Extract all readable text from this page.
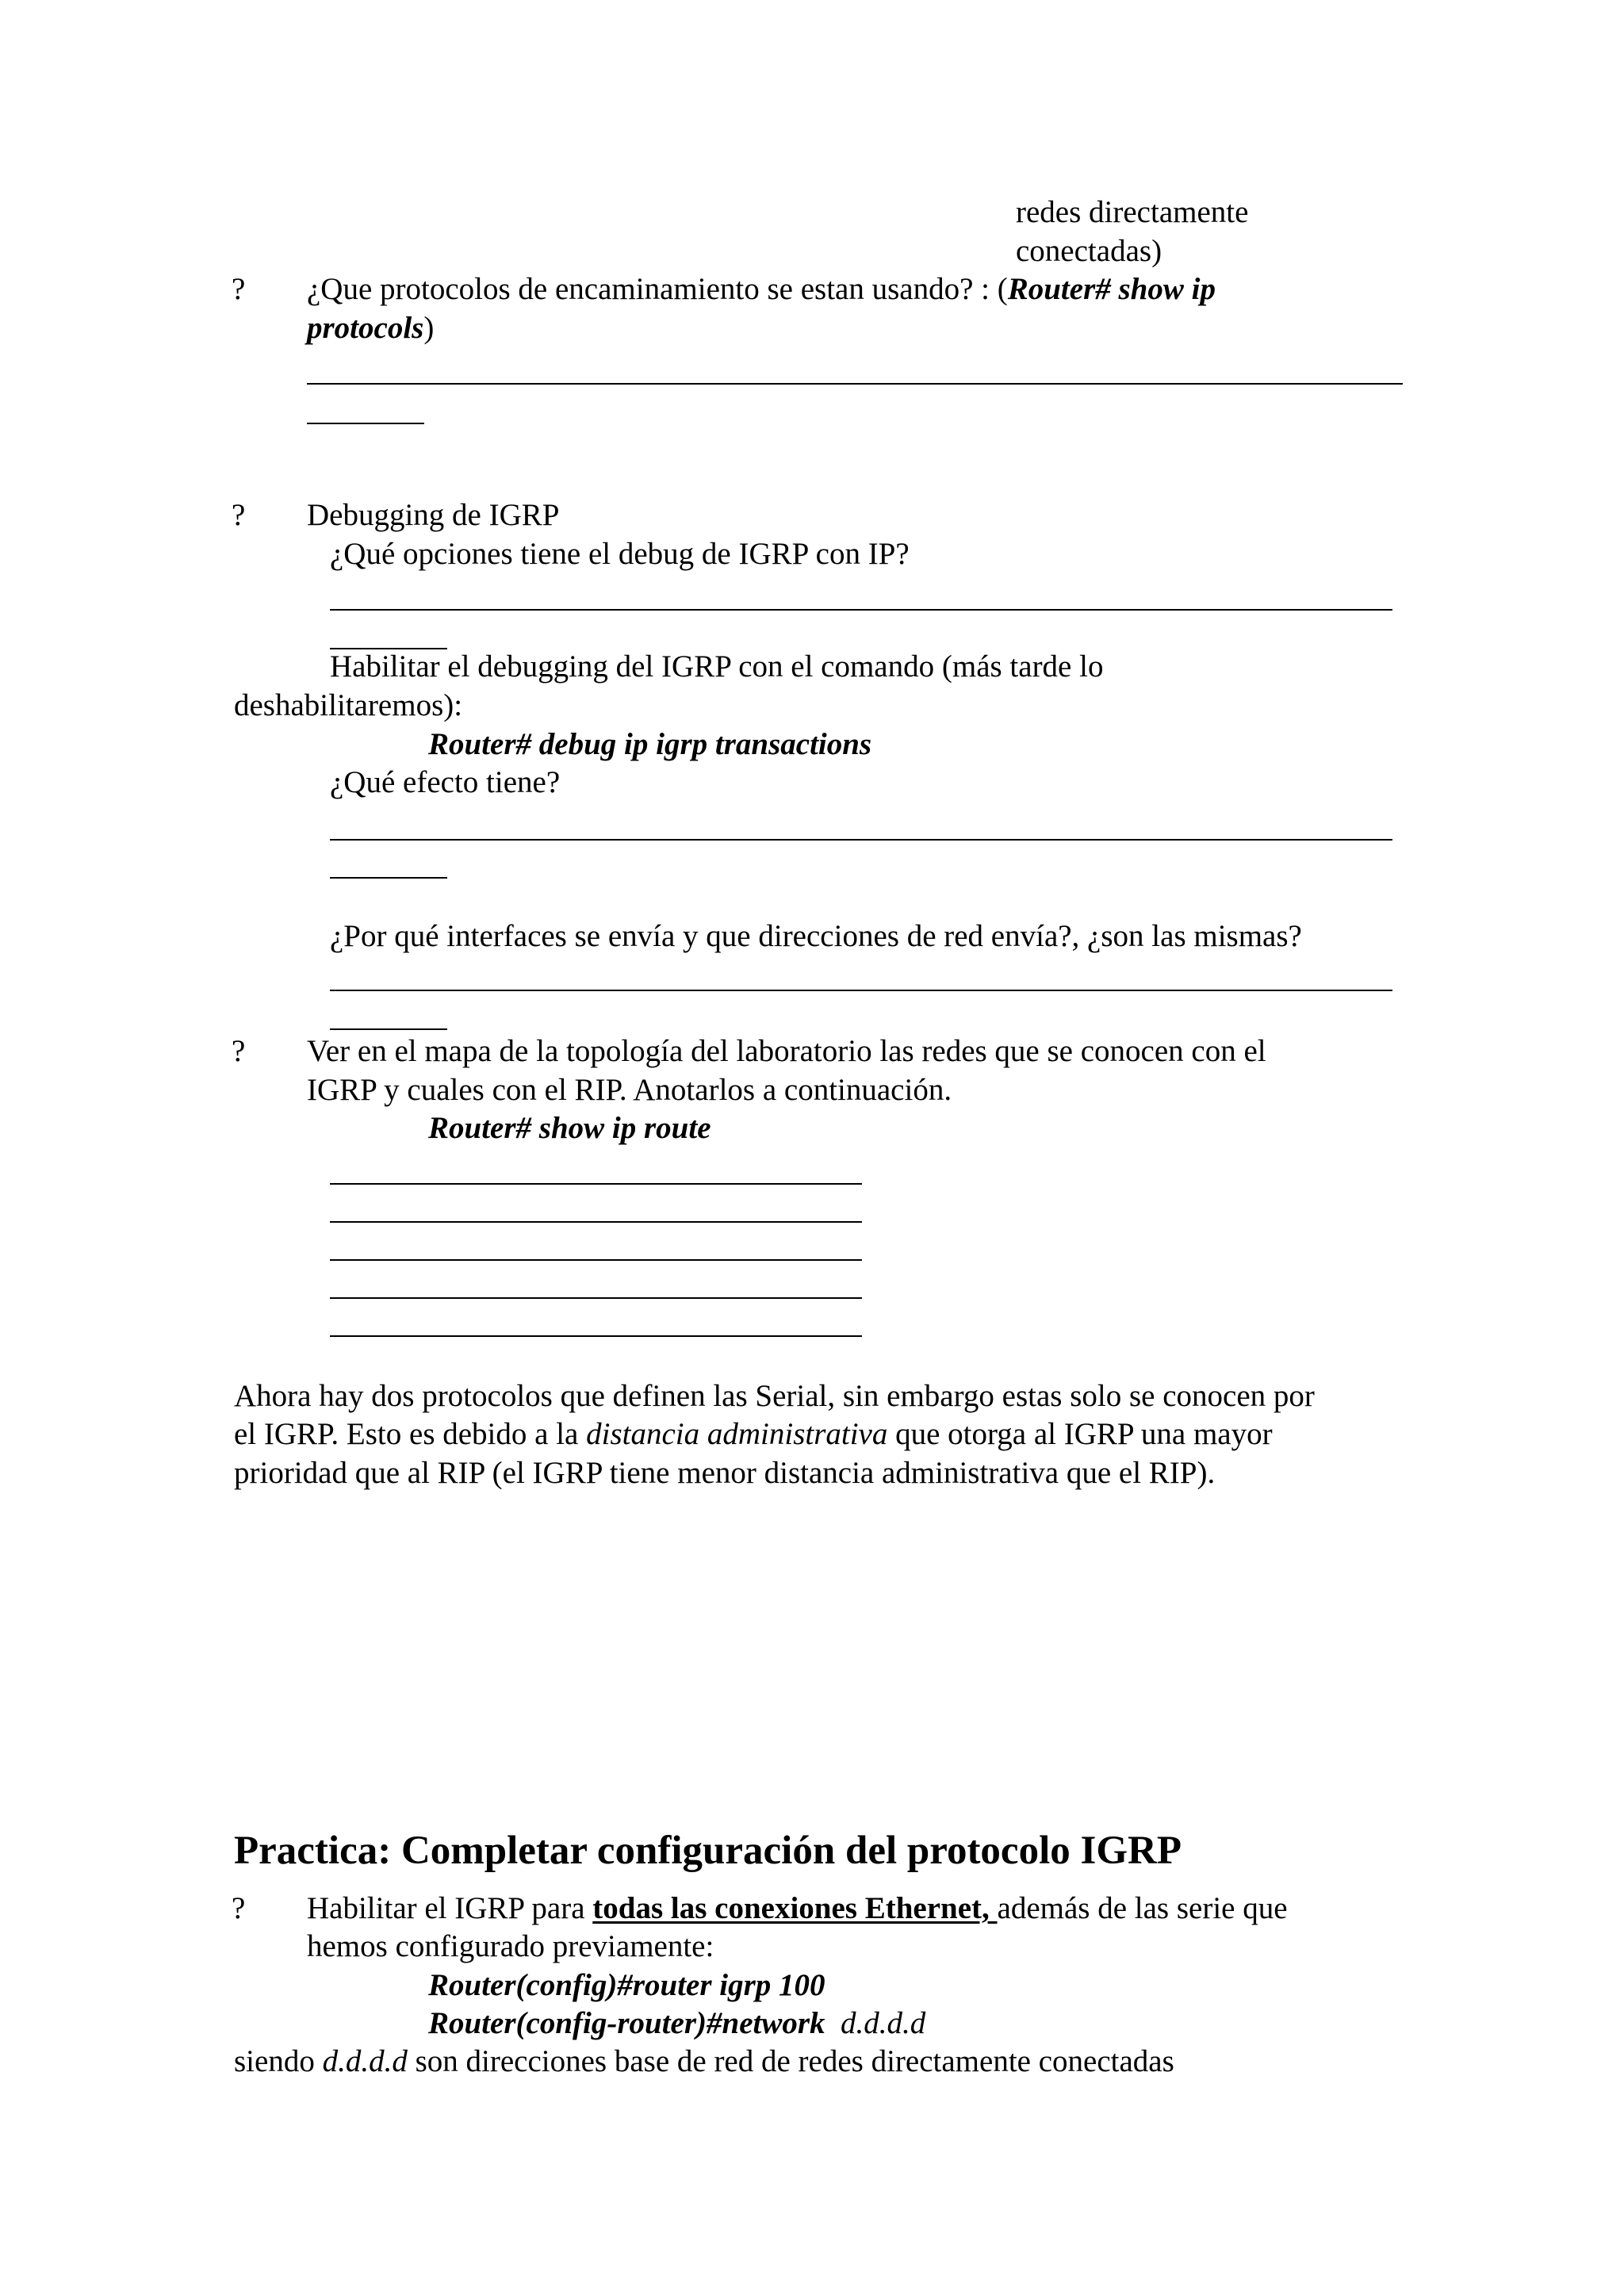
redes directamente
conectadas)
? ¿Que protocolos de encaminamiento se estan usando? : (Router# show ip
protocols)
? Debugging de IGRP
¿Qué opciones tiene el debug de IGRP con IP?
Habilitar el debugging del IGRP con el comando (más tarde lo
deshabilitaremos):
Router# debug ip igrp transactions
¿Qué efecto tiene?
¿Por qué interfaces se envía y que direcciones de red envía?, ¿son las mismas?
? Ver en el mapa de la topología del laboratorio las redes que se conocen con el
IGRP y cuales con el RIP. Anotarlos a continuación.
Router# show ip route
Ahora hay dos protocolos que definen las Serial, sin embargo estas solo se conocen por
el IGRP. Esto es debido a la distancia administrativa que otorga al IGRP una mayor
prioridad que al RIP (el IGRP tiene menor distancia administrativa que el RIP).
Practica: Completar configuración del protocolo IGRP
? Habilitar el IGRP para todas las conexiones Ethernet, además de las serie que
hemos configurado previamente:
Router(config)#router igrp 100
Router(config-router)#network d.d.d.d
siendo d.d.d.d son direcciones base de red de redes directamente conectadas
